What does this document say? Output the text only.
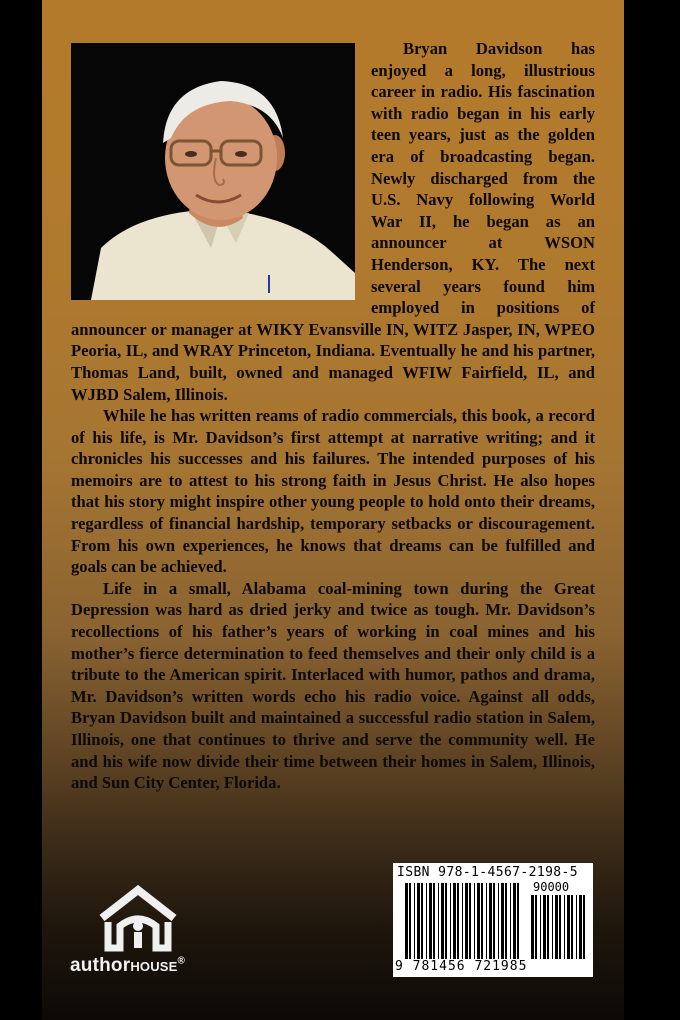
Bryan Davidson has enjoyed a long, illustrious career in radio. His fascination with radio began in his early teen years, just as the golden era of broadcasting began. Newly discharged from the U.S. Navy following World War II, he began as an announcer at WSON Henderson, KY. The next several years found him employed in positions of announcer or manager at WIKY Evansville IN, WITZ Jasper, IN, WPEO Peoria, IL, and WRAY Princeton, Indiana. Eventually he and his partner, Thomas Land, built, owned and managed WFIW Fairfield, IL, and WJBD Salem, Illinois.

While he has written reams of radio commercials, this book, a record of his life, is Mr. Davidson’s first attempt at narrative writing; and it chronicles his successes and his failures. The intended purposes of his memoirs are to attest to his strong faith in Jesus Christ. He also hopes that his story might inspire other young people to hold onto their dreams, regardless of financial hardship, temporary setbacks or discouragement. From his own experiences, he knows that dreams can be fulfilled and goals can be achieved.

Life in a small, Alabama coal-mining town during the Great Depression was hard as dried jerky and twice as tough. Mr. Davidson’s recollections of his father’s years of working in coal mines and his mother’s fierce determination to feed themselves and their only child is a tribute to the American spirit. Interlaced with humor, pathos and drama, Mr. Davidson’s written words echo his radio voice. Against all odds, Bryan Davidson built and maintained a successful radio station in Salem, Illinois, one that continues to thrive and serve the community well. He and his wife now divide their time between their homes in Salem, Illinois, and Sun City Center, Florida.

authorHOUSE®
ISBN 978-1-4567-2198-5
90000
9 781456 721985
